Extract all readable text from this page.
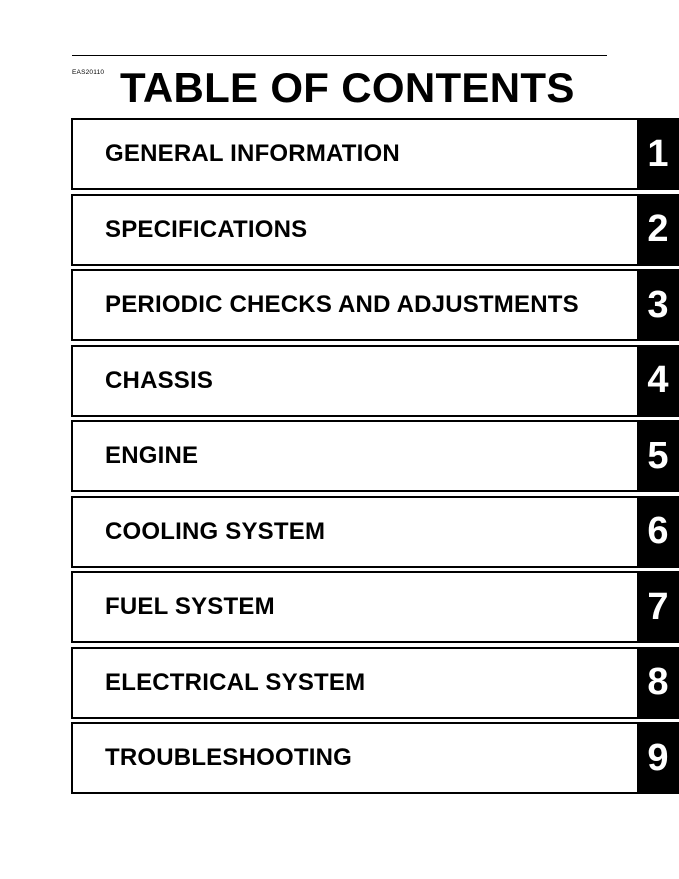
EAS20110 TABLE OF CONTENTS
GENERAL INFORMATION	1
SPECIFICATIONS	2
PERIODIC CHECKS AND ADJUSTMENTS 3
CHASSIS	4
ENGINE	5
COOLING SYSTEM	6
FUEL SYSTEM	7
ELECTRICAL SYSTEM	8
TROUBLESHOOTING	9
